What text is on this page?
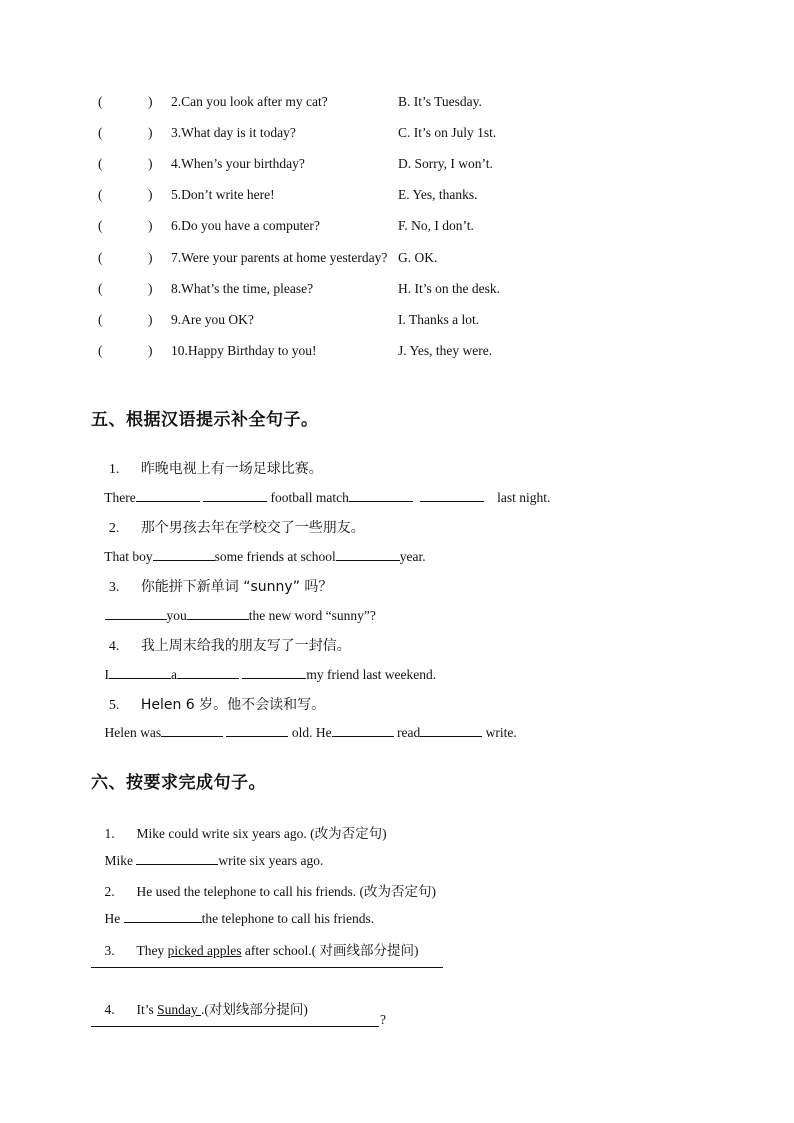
(	) 2.Can you look after my cat?	B. It’s Tuesday.
(	) 3.What day is it today?	C. It’s on July 1st.
(	) 4.When’s your birthday?	D. Sorry, I won’t.
(	) 5.Don’t write here!	E. Yes, thanks.
(	) 6.Do you have a computer?	F. No, I don’t.
(	) 7.Were your parents at home yesterday? G. OK.
(	) 8.What’s the time, please?	H. It’s on the desk.
(	) 9.Are you OK?	I. Thanks a lot.
(	) 10.Happy Birthday to you!	J. Yes, they were.
五、根据汉语提示补全句子。

1. 昨晚电视上有一场足球比赛。

There	football match	last night.

2. 那个男孩去年在学校交了一些朋友。

That boy	some friends at school	year.

3. 你能拼下新单词 “sunny” 吗？

you	the new word “sunny”?

4. 我上周末给我的朋友写了一封信。

I	a	my friend last weekend.

5. Helen 6 岁。他不会读和写。

Helen was	old. He	read	write.

六、按要求完成句子。

1. Mike could write six years ago. (改为否定句)

Mike	write six years ago.

2. He used the telephone to call his friends. (改为否定句)

He	the telephone to call his friends.

3. They picked apples after school.( 对画线部分提问)

4. It’s Sunday .(对划线部分提问)

?
